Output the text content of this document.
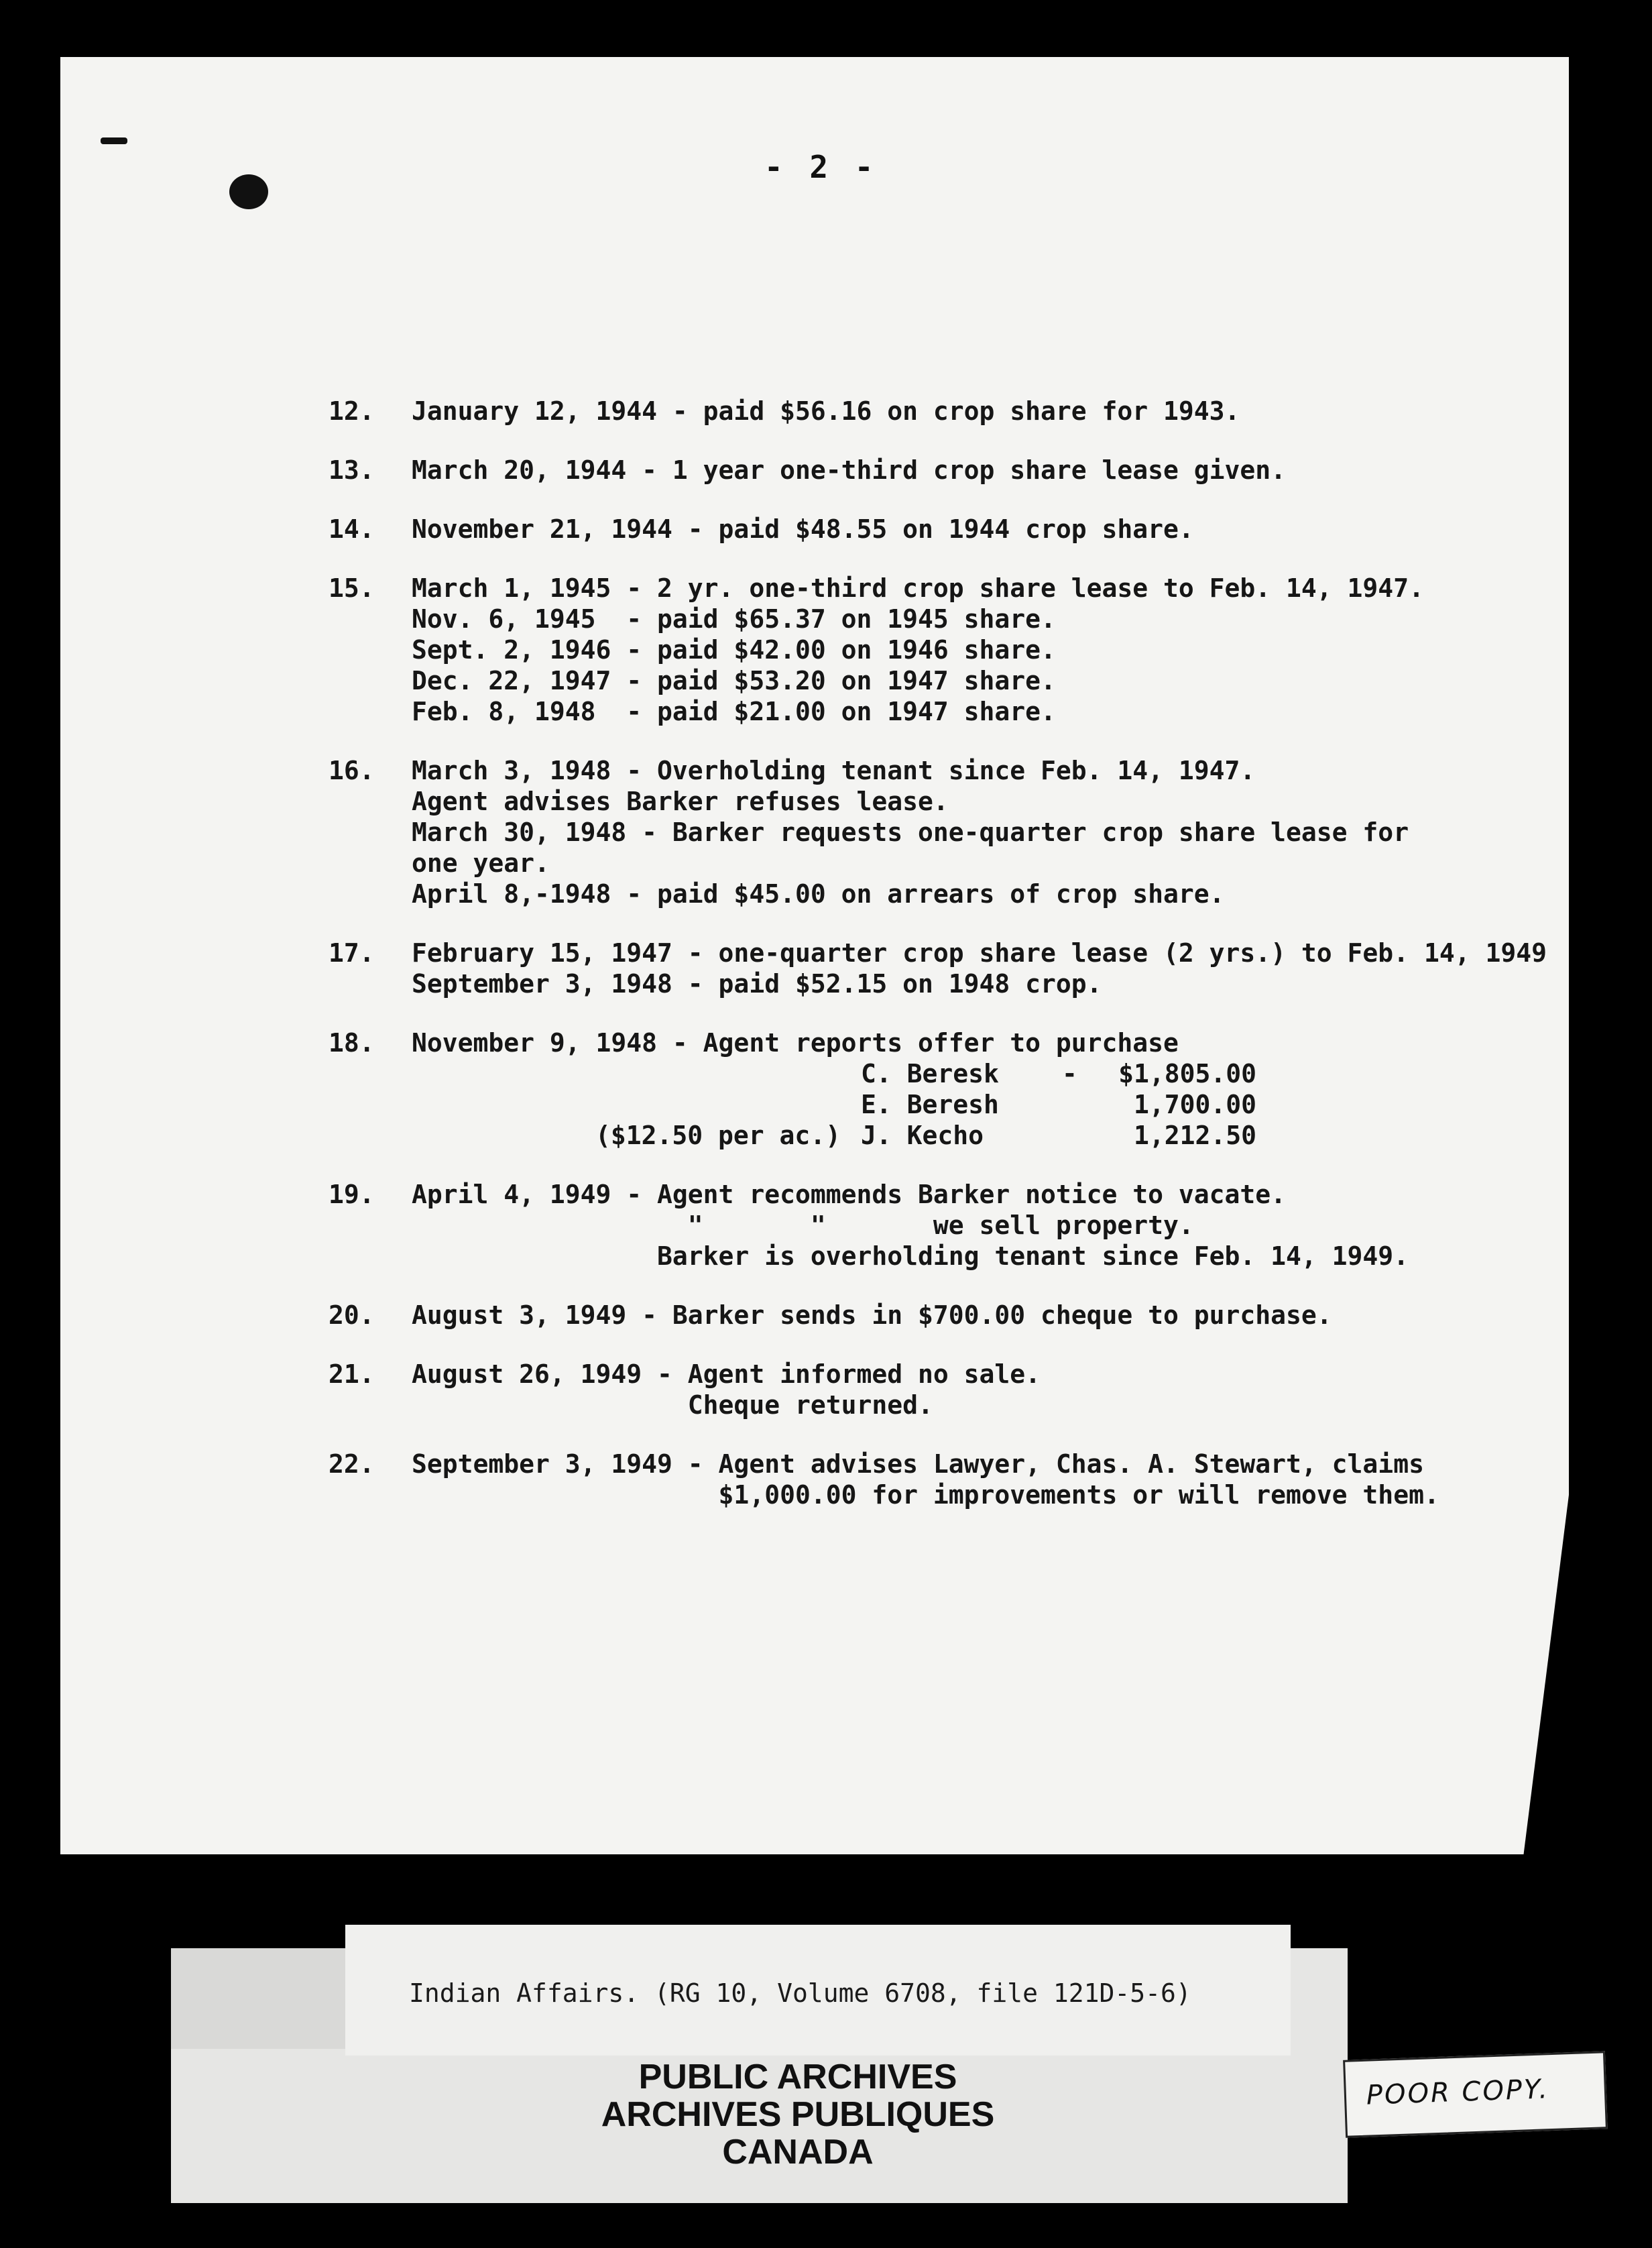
- 2 -
12.	January 12, 1944 - paid $56.16 on crop share for 1943.
13.	March 20, 1944 - 1 year one-third crop share lease given.
14.	November 21, 1944 - paid $48.55 on 1944 crop share.
15.	March 1, 1945 - 2 yr. one-third crop share lease to Feb. 14, 1947.
Nov. 6, 1945  - paid $65.37 on 1945 share.
Sept. 2, 1946 - paid $42.00 on 1946 share.
Dec. 22, 1947 - paid $53.20 on 1947 share.
Feb. 8, 1948  - paid $21.00 on 1947 share.
16.	March 3, 1948 - Overholding tenant since Feb. 14, 1947.
Agent advises Barker refuses lease.
March 30, 1948 - Barker requests one-quarter crop share lease for
one year.
April 8,-1948 - paid $45.00 on arrears of crop share.
17.	February 15, 1947 - one-quarter crop share lease (2 yrs.) to Feb. 14, 1949
September 3, 1948 - paid $52.15 on 1948 crop.
18.	November 9, 1948 - Agent reports offer to purchase
C. Beresk	-	$1,805.00
E. Beresh	1,700.00
($12.50 per ac.) J. Kecho	1,212.50
19.	April 4, 1949 - Agent recommends Barker notice to vacate.
"       "       we sell property.
Barker is overholding tenant since Feb. 14, 1949.
20.	August 3, 1949 - Barker sends in $700.00 cheque to purchase.
21.	August 26, 1949 - Agent informed no sale.
Cheque returned.
22.	September 3, 1949 - Agent advises Lawyer, Chas. A. Stewart, claims
$1,000.00 for improvements or will remove them.
Indian Affairs. (RG 10, Volume 6708, file 121D-5-6)
PUBLIC ARCHIVES
ARCHIVES PUBLIQUES
CANADA
POOR COPY.
